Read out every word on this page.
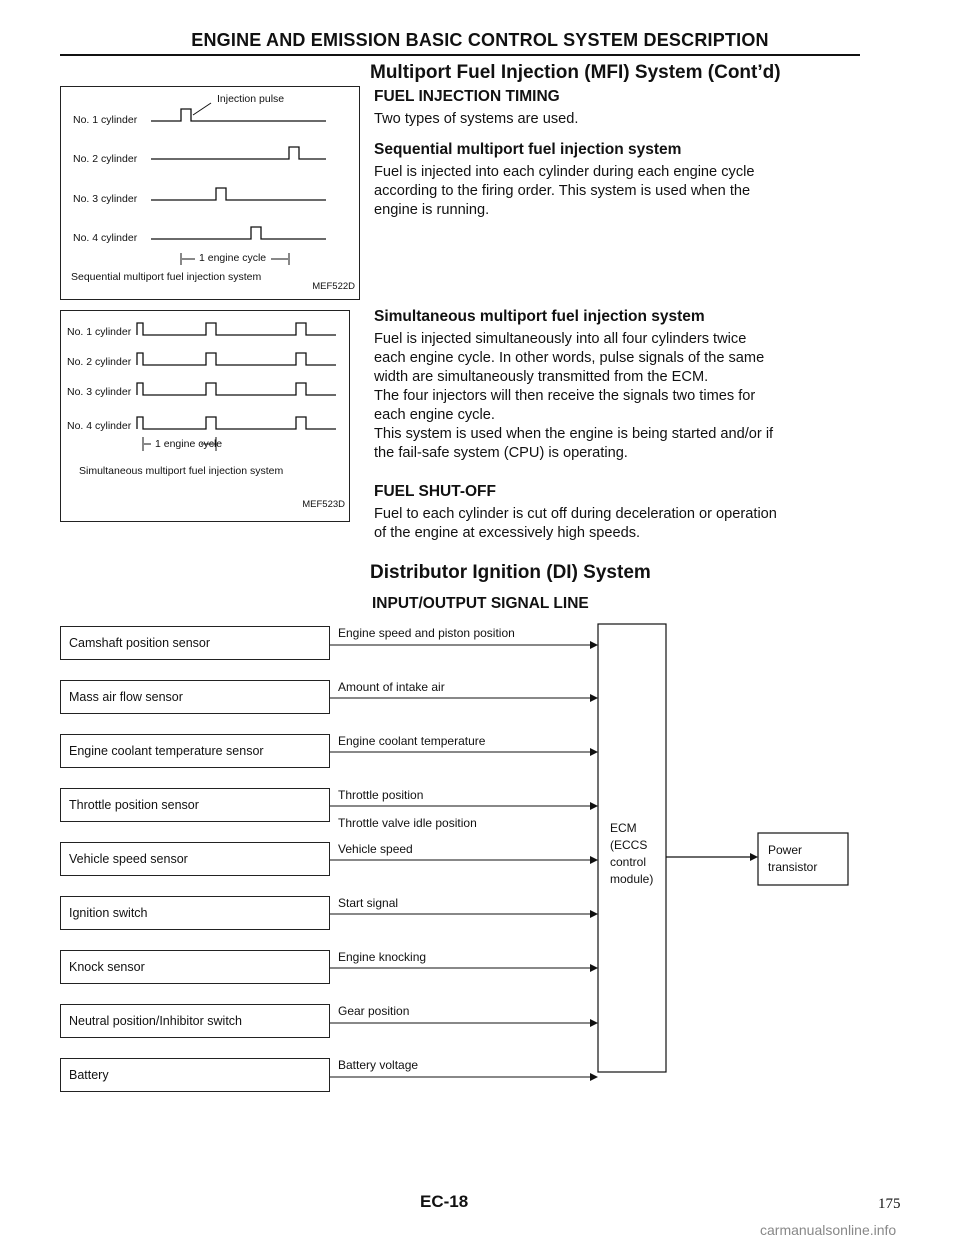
ENGINE AND EMISSION BASIC CONTROL SYSTEM DESCRIPTION
Injection pulse
No. 1 cylinder
No. 2 cylinder
No. 3 cylinder
No. 4 cylinder
1 engine cycle
Sequential multiport fuel injection system
MEF522D
No. 1 cylinder
No. 2 cylinder
No. 3 cylinder
No. 4 cylinder
1 engine cycle
Simultaneous multiport fuel injection system
MEF523D
Multiport Fuel Injection (MFI) System (Cont’d)
FUEL INJECTION TIMING
Two types of systems are used.
Sequential multiport fuel injection system
Fuel is injected into each cylinder during each engine cycle
according to the firing order. This system is used when the
engine is running.
Simultaneous multiport fuel injection system
Fuel is injected simultaneously into all four cylinders twice
each engine cycle. In other words, pulse signals of the same
width are simultaneously transmitted from the ECM.
The four injectors will then receive the signals two times for
each engine cycle.
This system is used when the engine is being started and/or if
the fail-safe system (CPU) is operating.
FUEL SHUT-OFF
Fuel to each cylinder is cut off during deceleration or operation
of the engine at excessively high speeds.
Distributor Ignition (DI) System
INPUT/OUTPUT SIGNAL LINE
Camshaft position sensor
Mass air flow sensor
Engine coolant temperature sensor
Throttle position sensor
Vehicle speed sensor
Ignition switch
Knock sensor
Neutral position/Inhibitor switch
Battery
Engine speed and piston position
Amount of intake air
Engine coolant temperature
Throttle position
Throttle valve idle position
Vehicle speed
Start signal
Engine knocking
Gear position
Battery voltage
ECM
(ECCS
control
module)
Power
transistor
EC-18	175
carmanualsonline.info
